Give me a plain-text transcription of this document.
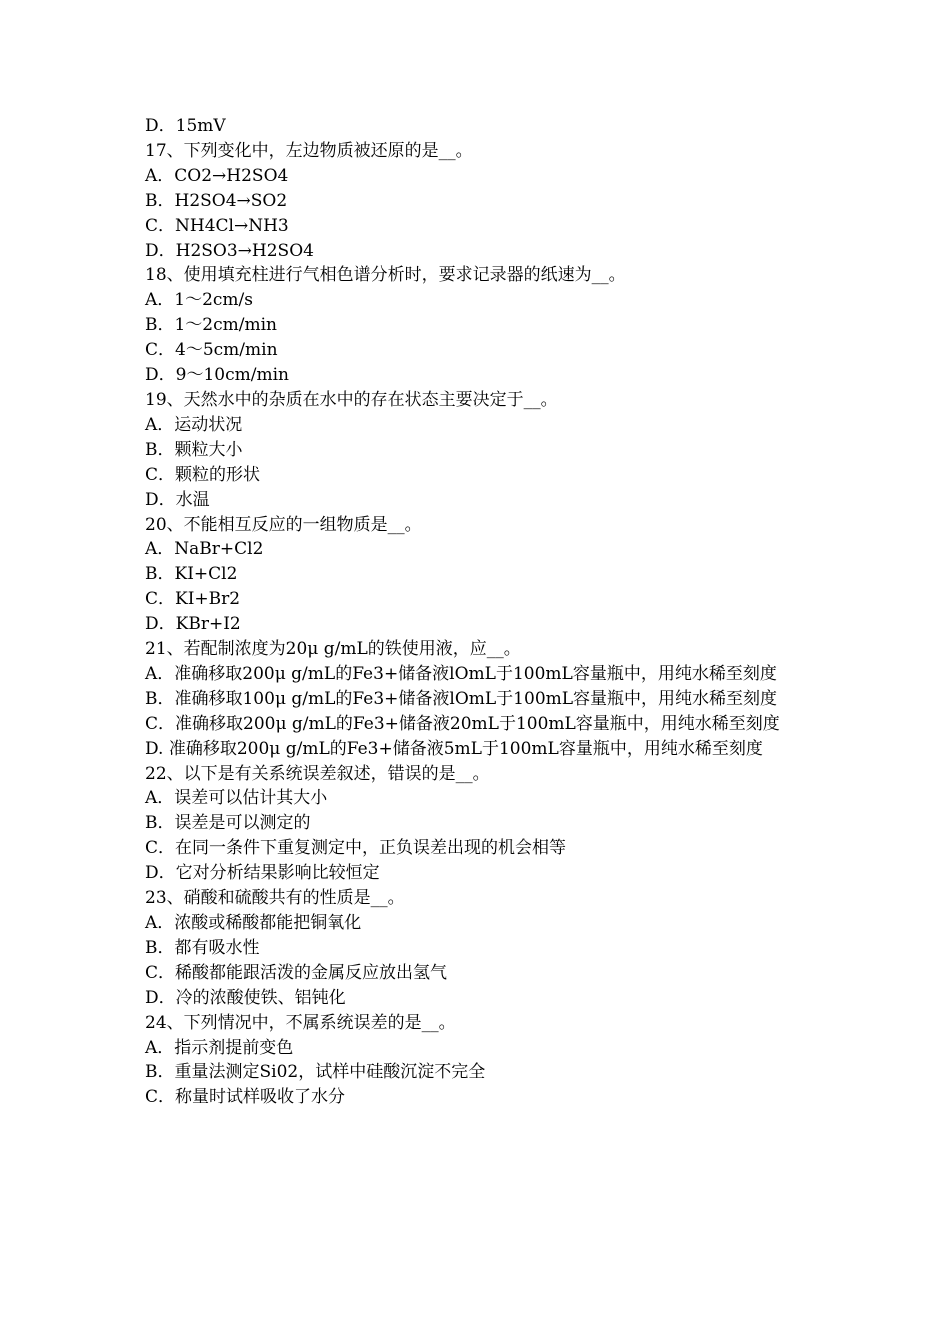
D．15mV
17、下列变化中，左边物质被还原的是__。
A．CO2→H2SO4
B．H2SO4→SO2
C．NH4Cl→NH3
D．H2SO3→H2SO4
18、使用填充柱进行气相色谱分析时，要求记录器的纸速为__。
A．1～2cm/s
B．1～2cm/min
C．4～5cm/min
D．9～10cm/min
19、天然水中的杂质在水中的存在状态主要决定于__。
A．运动状况
B．颗粒大小
C．颗粒的形状
D．水温
20、不能相互反应的一组物质是__。
A．NaBr+Cl2
B．KI+Cl2
C．KI+Br2
D．KBr+I2
21、若配制浓度为20μ g/mL的铁使用液，应__。
A．准确移取200μ g/mL的Fe3+储备液lOmL于100mL容量瓶中，用纯水稀至刻度
B．准确移取100μ g/mL的Fe3+储备液lOmL于100mL容量瓶中，用纯水稀至刻度
C．准确移取200μ g/mL的Fe3+储备液20mL于100mL容量瓶中，用纯水稀至刻度
D. 准确移取200μ g/mL的Fe3+储备液5mL于100mL容量瓶中，用纯水稀至刻度
22、以下是有关系统误差叙述，错误的是__。
A．误差可以估计其大小
B．误差是可以测定的
C．在同一条件下重复测定中，正负误差出现的机会相等
D．它对分析结果影响比较恒定
23、硝酸和硫酸共有的性质是__。
A．浓酸或稀酸都能把铜氧化
B．都有吸水性
C．稀酸都能跟活泼的金属反应放出氢气
D．冷的浓酸使铁、铝钝化
24、下列情况中，不属系统误差的是__。
A．指示剂提前变色
B．重量法测定Si02，试样中硅酸沉淀不完全
C．称量时试样吸收了水分
